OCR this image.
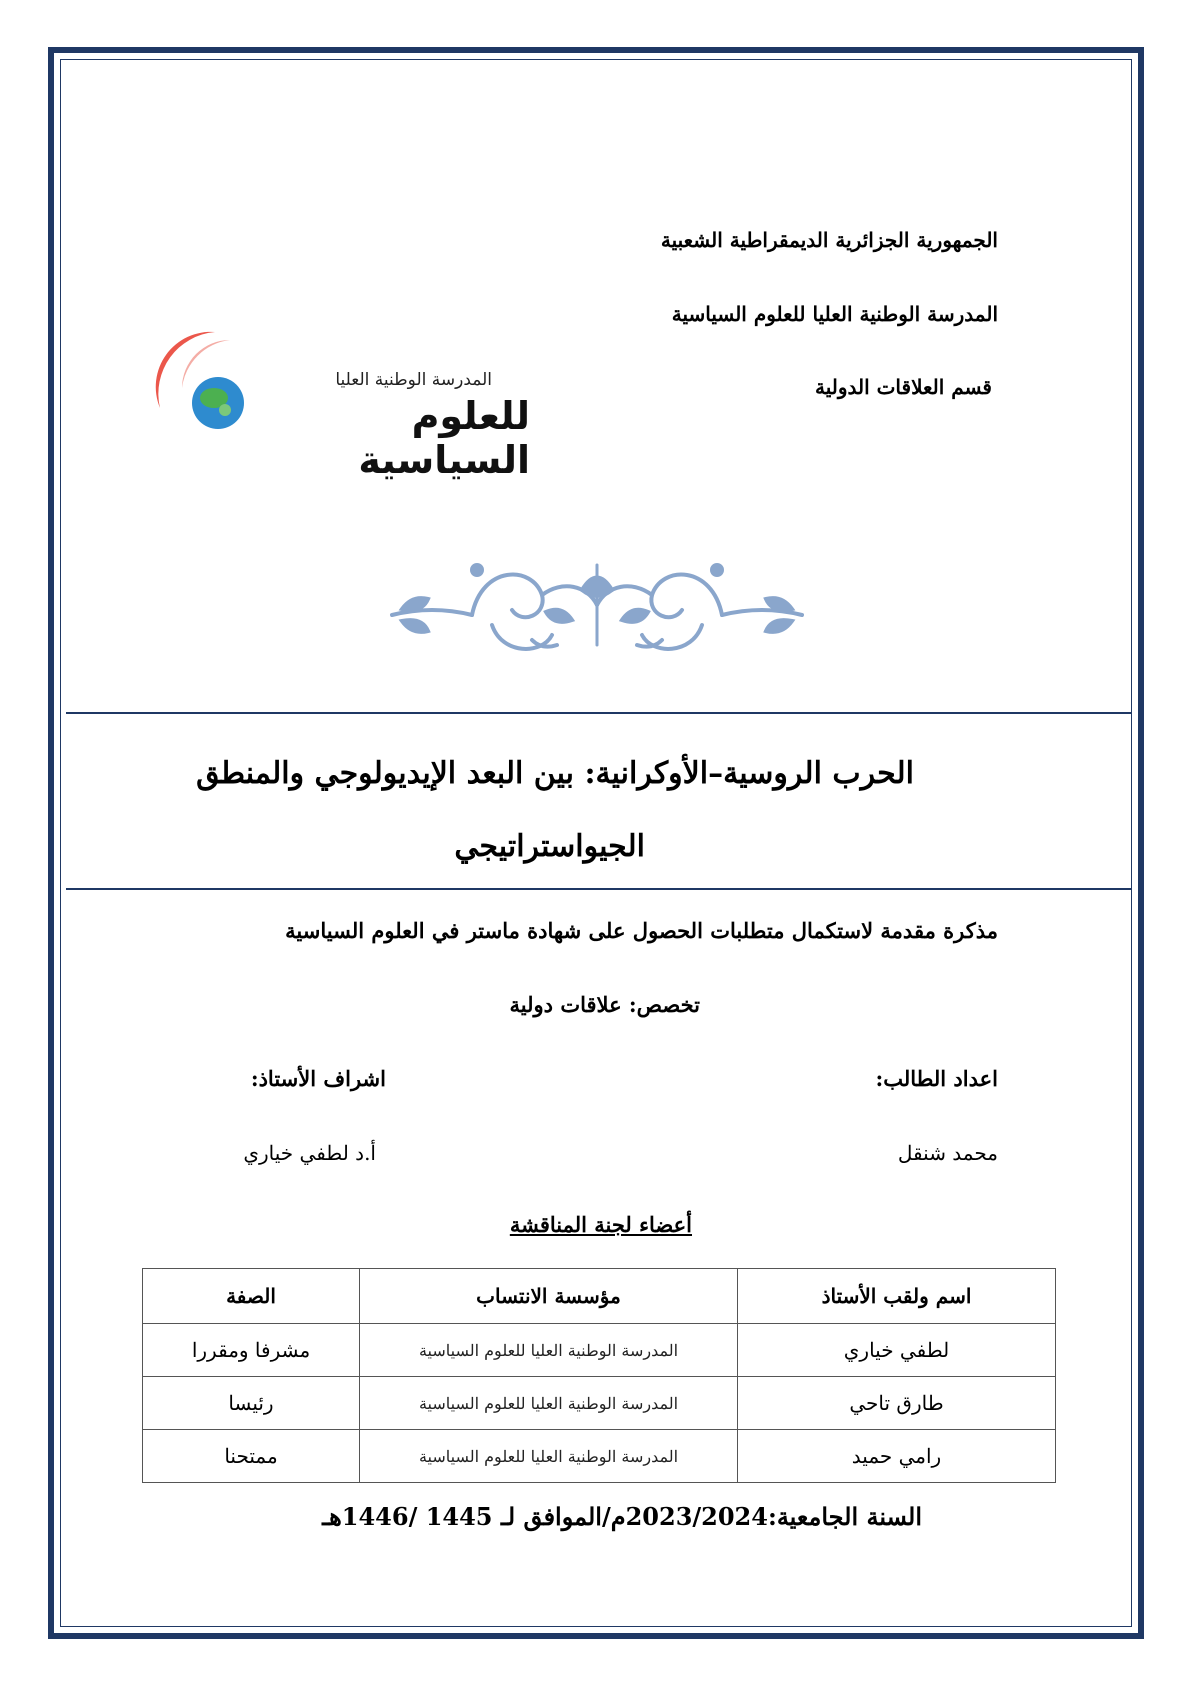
الجمهورية الجزائرية الديمقراطية الشعبية
المدرسة الوطنية العليا للعلوم السياسية
قسم العلاقات الدولية
المدرسة الوطنية العليا
للعلوم السياسية
الحرب الروسية–الأوكرانية: بين البعد الإيديولوجي والمنطق
الجيواستراتيجي
مذكرة مقدمة لاستكمال متطلبات الحصول على شهادة ماستر في العلوم السياسية
تخصص: علاقات دولية
اعداد الطالب:
اشراف الأستاذ:
محمد شنقل
أ.د لطفي خياري
أعضاء لجنة المناقشة
اسم ولقب الأستاذ	مؤسسة الانتساب	الصفة
لطفي خياري	المدرسة الوطنية العليا للعلوم السياسية	مشرفا ومقررا
طارق تاحي	المدرسة الوطنية العليا للعلوم السياسية	رئيسا
رامي حميد	المدرسة الوطنية العليا للعلوم السياسية	ممتحنا
السنة الجامعية:2023/2024م/الموافق لـ 1445 /1446هـ
